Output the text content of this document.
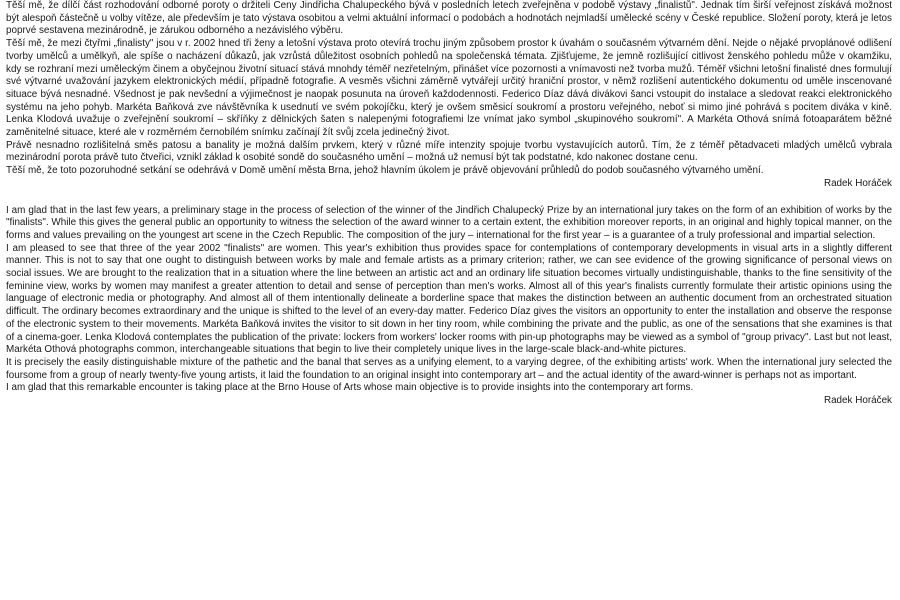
Těší mě, že dílčí část rozhodování odborné poroty o držiteli Ceny Jindřicha Chalupeckého bývá v posledních letech zveřejněna v podobě výstavy „finalistů". Jednak tím širší veřejnost získává možnost být alespoň částečně u volby vítěze, ale především je tato výstava osobitou a velmi aktuální informací o podobách a hodnotách nejmladší umělecké scény v České republice. Složení poroty, která je letos poprvé sestavena mezinárodně, je zárukou odborného a nezávislého výběru.

Těší mě, že mezi čtyřmi „finalisty" jsou v r. 2002 hned tři ženy a letošní výstava proto otevírá trochu jiným způsobem prostor k úvahám o současném výtvarném dění. Nejde o nějaké prvoplánové odlišení tvorby umělců a umělkyň, ale spíše o nacházení důkazů, jak vzrůstá důležitost osobních pohledů na společenská témata. Zjišťujeme, že jemně rozlišující citlivost ženského pohledu může v okamžiku, kdy se rozhraní mezi uměleckým činem a obyčejnou životní situací stává mnohdy téměř nezřetelným, přinášet více pozornosti a vnímavosti než tvorba mužů. Téměř všichni letošní finalisté dnes formulují své výtvarné uvažování jazykem elektronických médií, případně fotografie. A vesměs všichni záměrně vytvářejí určitý hraniční prostor, v němž rozlišení autentického dokumentu od uměle inscenované situace bývá nesnadné. Všednost je pak nevšední a výjimečnost je naopak posunuta na úroveň každodennosti. Federico Díaz dává divákovi šanci vstoupit do instalace a sledovat reakci elektronického systému na jeho pohyb. Markéta Baňková zve návštěvníka k usednutí ve svém pokojíčku, který je ovšem směsicí soukromí a prostoru veřejného, neboť si mimo jiné pohrává s pocitem diváka v kině. Lenka Klodová uvažuje o zveřejnění soukromí – skříňky z dělnických šaten s nalepenými fotografiemi lze vnímat jako symbol „skupinového soukromí". A Markéta Othová snímá fotoaparátem běžné zaměnitelné situace, které ale v rozměrném černobílém snímku začínají žít svůj zcela jedinečný život.

Právě nesnadno rozlišitelná směs patosu a banality je možná dalším prvkem, který v různé míře intenzity spojuje tvorbu vystavujících autorů. Tím, že z téměř pětadvaceti mladých umělců vybrala mezinárodní porota právě tuto čtveřici, vznikl základ k osobité sondě do současného umění – možná už nemusí být tak podstatné, kdo nakonec dostane cenu.

Těší mě, že toto pozoruhodné setkání se odehrává v Domě umění města Brna, jehož hlavním úkolem je právě objevování průhledů do podob současného výtvarného umění.

Radek Horáček

I am glad that in the last few years, a preliminary stage in the process of selection of the winner of the Jindřich Chalupecký Prize by an international jury takes on the form of an exhibition of works by the "finalists". While this gives the general public an opportunity to witness the selection of the award winner to a certain extent, the exhibition moreover reports, in an original and highly topical manner, on the forms and values prevailing on the youngest art scene in the Czech Republic. The composition of the jury – international for the first year – is a guarantee of a truly professional and impartial selection.

I am pleased to see that three of the year 2002 "finalists" are women. This year's exhibition thus provides space for contemplations of contemporary developments in visual arts in a slightly different manner. This is not to say that one ought to distinguish between works by male and female artists as a primary criterion; rather, we can see evidence of the growing significance of personal views on social issues. We are brought to the realization that in a situation where the line between an artistic act and an ordinary life situation becomes virtually undistinguishable, thanks to the fine sensitivity of the feminine view, works by women may manifest a greater attention to detail and sense of perception than men's works. Almost all of this year's finalists currently formulate their artistic opinions using the language of electronic media or photography. And almost all of them intentionally delineate a borderline space that makes the distinction between an authentic document from an orchestrated situation difficult. The ordinary becomes extraordinary and the unique is shifted to the level of an every-day matter. Federico Díaz gives the visitors an opportunity to enter the installation and observe the response of the electronic system to their movements. Markéta Baňková invites the visitor to sit down in her tiny room, while combining the private and the public, as one of the sensations that she examines is that of a cinema-goer. Lenka Klodová contemplates the publication of the private: lockers from workers' locker rooms with pin-up photographs may be viewed as a symbol of "group privacy". Last but not least, Markéta Othová photographs common, interchangeable situations that begin to live their completely unique lives in the large-scale black-and-white pictures.

It is precisely the easily distinguishable mixture of the pathetic and the banal that serves as a unifying element, to a varying degree, of the exhibiting artists' work. When the international jury selected the foursome from a group of nearly twenty-five young artists, it laid the foundation to an original insight into contemporary art – and the actual identity of the award-winner is perhaps not as important.

I am glad that this remarkable encounter is taking place at the Brno House of Arts whose main objective is to provide insights into the contemporary art forms.

Radek Horáček
